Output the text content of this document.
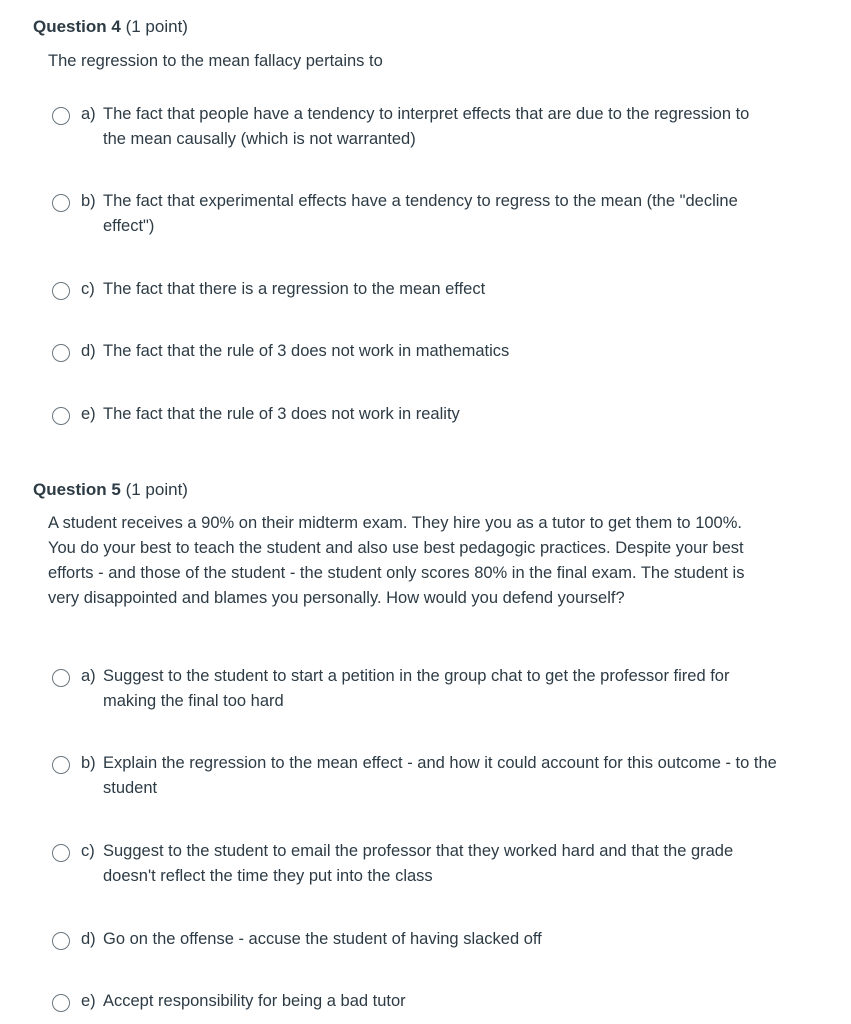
Question 4 (1 point)
The regression to the mean fallacy pertains to
a) The fact that people have a tendency to interpret effects that are due to the regression to the mean causally (which is not warranted)
b) The fact that experimental effects have a tendency to regress to the mean (the "decline effect")
c) The fact that there is a regression to the mean effect
d) The fact that the rule of 3 does not work in mathematics
e) The fact that the rule of 3 does not work in reality
Question 5 (1 point)
A student receives a 90% on their midterm exam. They hire you as a tutor to get them to 100%. You do your best to teach the student and also use best pedagogic practices. Despite your best efforts - and those of the student - the student only scores 80% in the final exam. The student is very disappointed and blames you personally. How would you defend yourself?
a) Suggest to the student to start a petition in the group chat to get the professor fired for making the final too hard
b) Explain the regression to the mean effect - and how it could account for this outcome - to the student
c) Suggest to the student to email the professor that they worked hard and that the grade doesn't reflect the time they put into the class
d) Go on the offense - accuse the student of having slacked off
e) Accept responsibility for being a bad tutor
